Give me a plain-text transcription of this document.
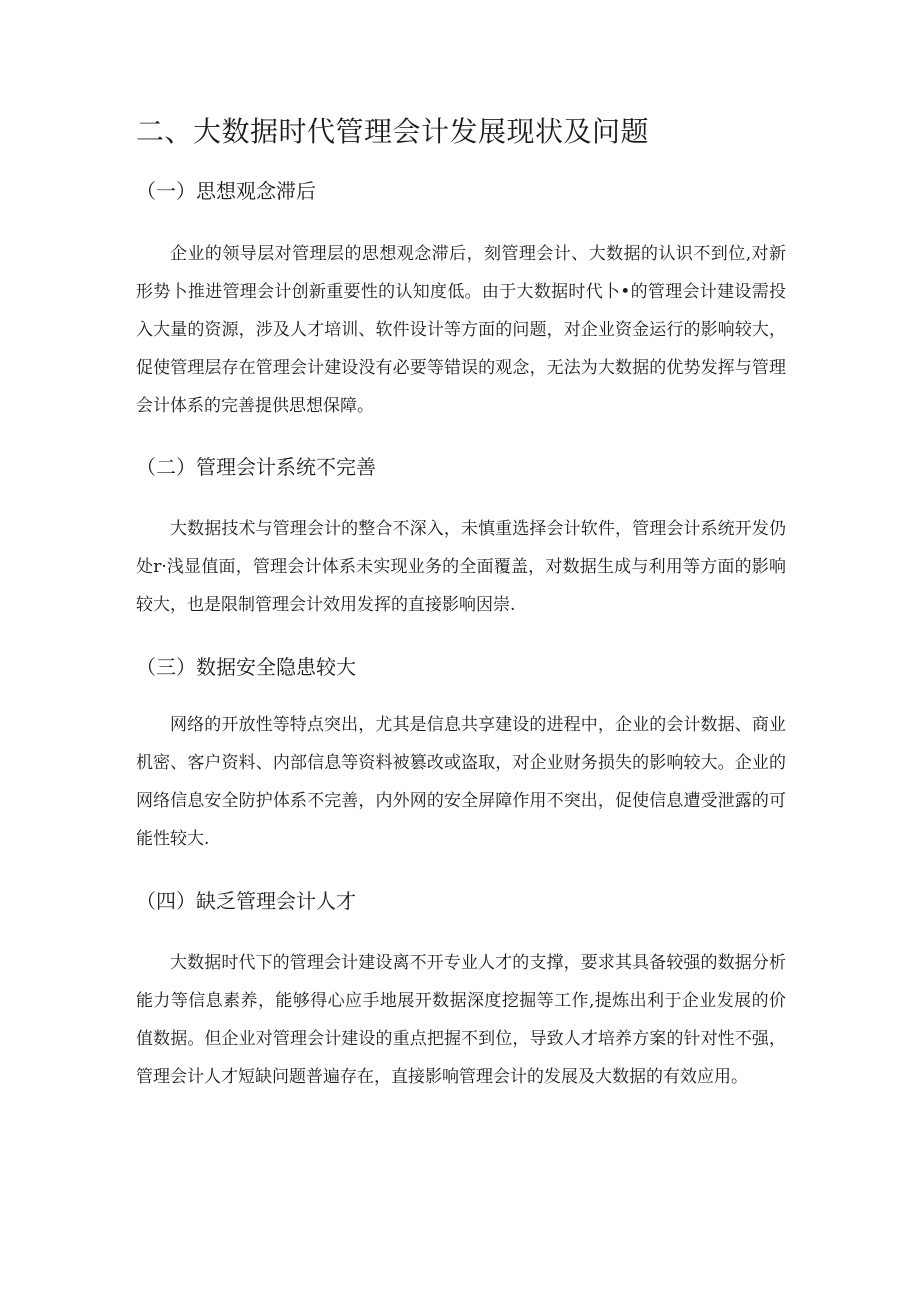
二、大数据时代管理会计发展现状及问题
（一）思想观念滞后

企业的领导层对管理层的思想观念滞后，刻管理会计、大数据的认识不到位,对新形势卜推进管理会计创新重要性的认知度低。由于大数据时代卜•的管理会计建设需投入大量的资源，涉及人才培训、软件设计等方面的问题，对企业资金运行的影响较大，促使管理层存在管理会计建设没有必要等错误的观念，无法为大数据的优势发挥与管理会计体系的完善提供思想保障。

（二）管理会计系统不完善

大数据技术与管理会计的整合不深入，未慎重选择会计软件，管理会计系统开发仍处r·浅显值面，管理会计体系未实现业务的全面覆盖，对数据生成与利用等方面的影响较大，也是限制管理会计效用发挥的直接影响因崇.

（三）数据安全隐患较大

网络的开放性等特点突出，尤其是信息共享建设的进程中，企业的会计数据、商业机密、客户资料、内部信息等资料被篡改或盗取，对企业财务损失的影响较大。企业的网络信息安全防护体系不完善，内外网的安全屏障作用不突出，促使信息遭受泄露的可能性较大.

（四）缺乏管理会计人才

大数据时代下的管理会计建设离不开专业人才的支撑，要求其具备较强的数据分析能力等信息素养，能够得心应手地展开数据深度挖掘等工作,提炼出利于企业发展的价值数据。但企业对管理会计建设的重点把握不到位，导致人才培养方案的针对性不强，管理会计人才短缺问题普遍存在，直接影响管理会计的发展及大数据的有效应用。
